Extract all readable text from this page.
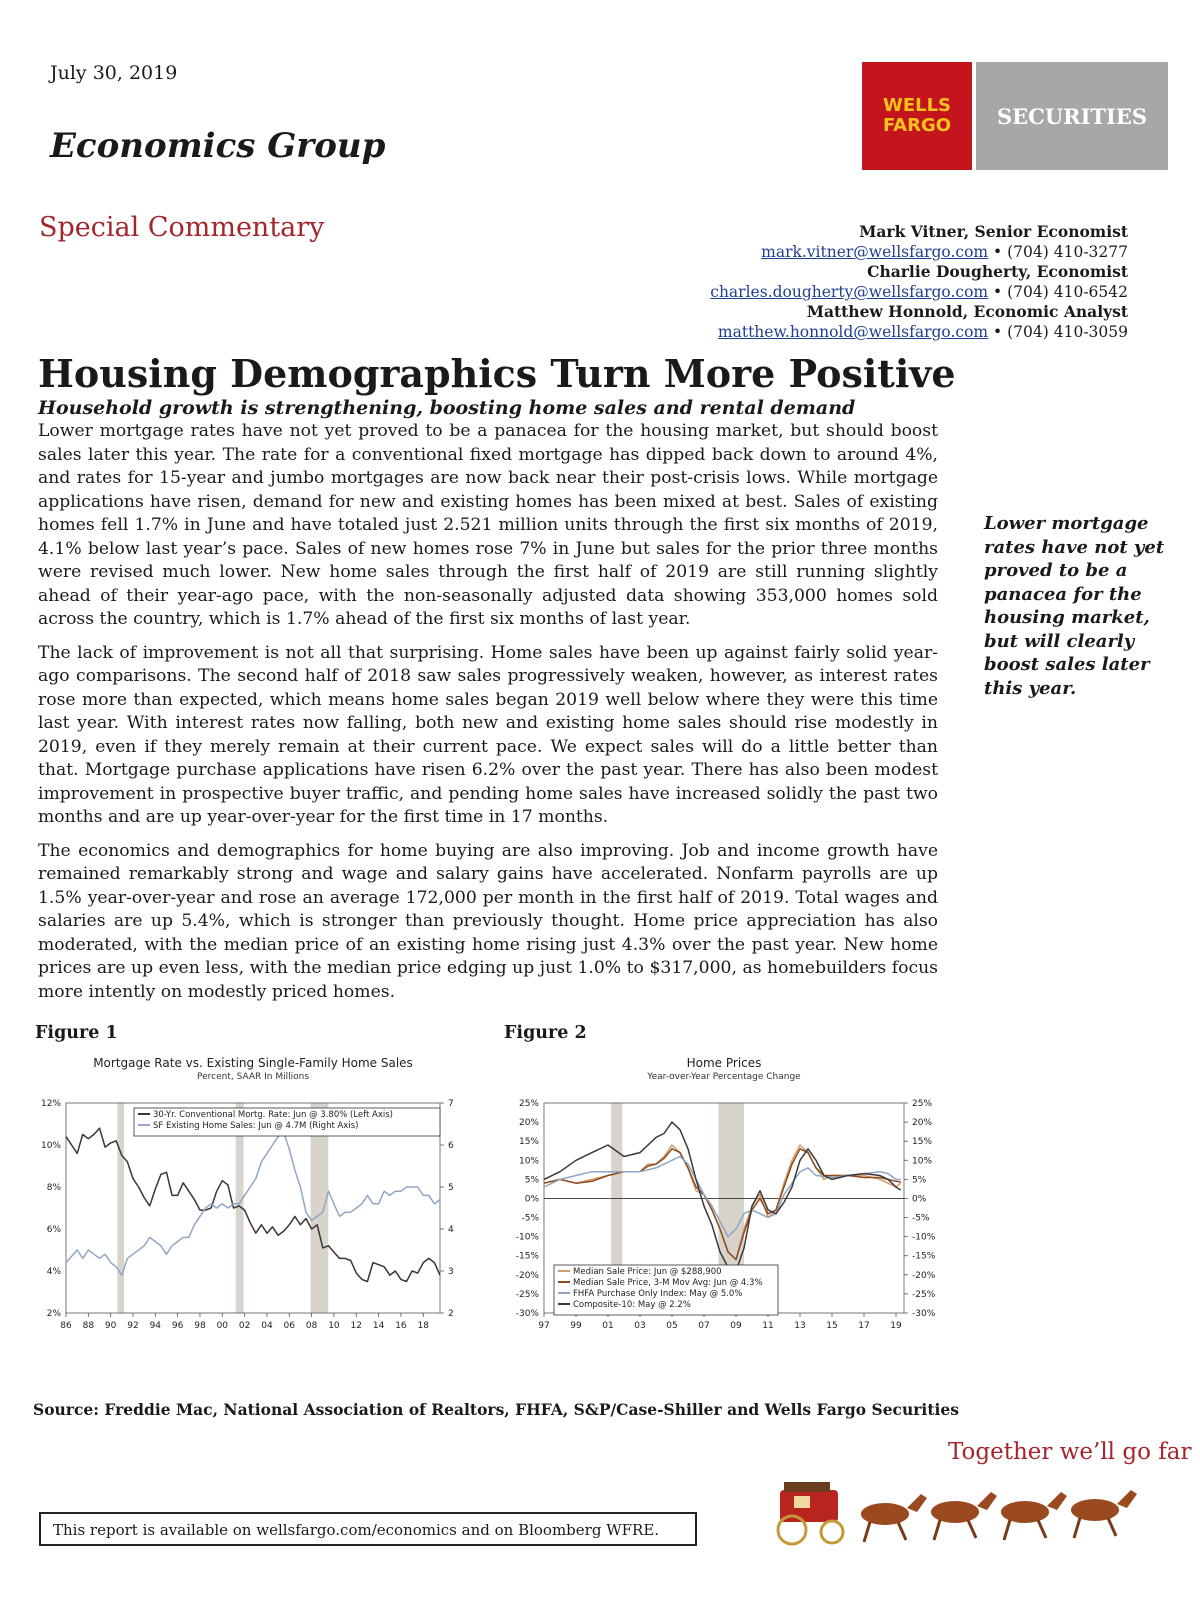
July 30, 2019
Economics Group
WELLS
FARGO	SECURITIES
Special Commentary	Mark Vitner, Senior Economist
mark.vitner@wellsfargo.com • (704) 410-3277
Charlie Dougherty, Economist
charles.dougherty@wellsfargo.com • (704) 410-6542
Matthew Honnold, Economic Analyst
matthew.honnold@wellsfargo.com • (704) 410-3059
Housing Demographics Turn More Positive
Household growth is strengthening, boosting home sales and rental demand

Lower mortgage rates have not yet proved to be a panacea for the housing market, but should boost sales later this year. The rate for a conventional fixed mortgage has dipped back down to around 4%, and rates for 15-year and jumbo mortgages are now back near their post-crisis lows. While mortgage applications have risen, demand for new and existing homes has been mixed at best. Sales of existing homes fell 1.7% in June and have totaled just 2.521 million units through the first six months of 2019, 4.1% below last year’s pace. Sales of new homes rose 7% in June but sales for the prior three months were revised much lower. New home sales through the first half of 2019 are still running slightly ahead of their year-ago pace, with the non-seasonally adjusted data showing 353,000 homes sold across the country, which is 1.7% ahead of the first six months of last year.

The lack of improvement is not all that surprising. Home sales have been up against fairly solid year-ago comparisons. The second half of 2018 saw sales progressively weaken, however, as interest rates rose more than expected, which means home sales began 2019 well below where they were this time last year. With interest rates now falling, both new and existing home sales should rise modestly in 2019, even if they merely remain at their current pace. We expect sales will do a little better than that. Mortgage purchase applications have risen 6.2% over the past year. There has also been modest improvement in prospective buyer traffic, and pending home sales have increased solidly the past two months and are up year-over-year for the first time in 17 months.

The economics and demographics for home buying are also improving. Job and income growth have remained remarkably strong and wage and salary gains have accelerated. Nonfarm payrolls are up 1.5% year-over-year and rose an average 172,000 per month in the first half of 2019. Total wages and salaries are up 5.4%, which is stronger than previously thought. Home price appreciation has also moderated, with the median price of an existing home rising just 4.3% over the past year. New home prices are up even less, with the median price edging up just 1.0% to $317,000, as homebuilders focus more intently on modestly priced homes.

Lower mortgage rates have not yet proved to be a panacea for the housing market, but will clearly boost sales later this year.
Figure 1	Figure 2
Mortgage Rate vs. Existing Single-Family Home Sales
Percent, SAAR In Millions
2%
4%
6%
8%
10%
12%
2
3
4
5
6
7
86 88 90 92 94 96 98 00 02 04 06 08 10 12 14 16 18
30-Yr. Conventional Mortg. Rate: Jun @ 3.80% (Left Axis)
SF Existing Home Sales: Jun @ 4.7M (Right Axis)
Home Prices
Year-over-Year Percentage Change
25%
20%
15%
10%
5%
0%
-5%
-10%
-15%
-20%
-25%
-30%
25%
20%
15%
10%
5%
0%
-5%
-10%
-15%
-20%
-25%
-30%
97 99 01 03 05 07 09 11 13 15 17 19
Median Sale Price: Jun @ $288,900
Median Sale Price, 3-M Mov Avg: Jun @ 4.3%
FHFA Purchase Only Index: May @ 5.0%
Composite-10: May @ 2.2%
Source: Freddie Mac, National Association of Realtors, FHFA, S&P/Case-Shiller and Wells Fargo Securities
Together we’ll go far
This report is available on wellsfargo.com/economics and on Bloomberg WFRE.
